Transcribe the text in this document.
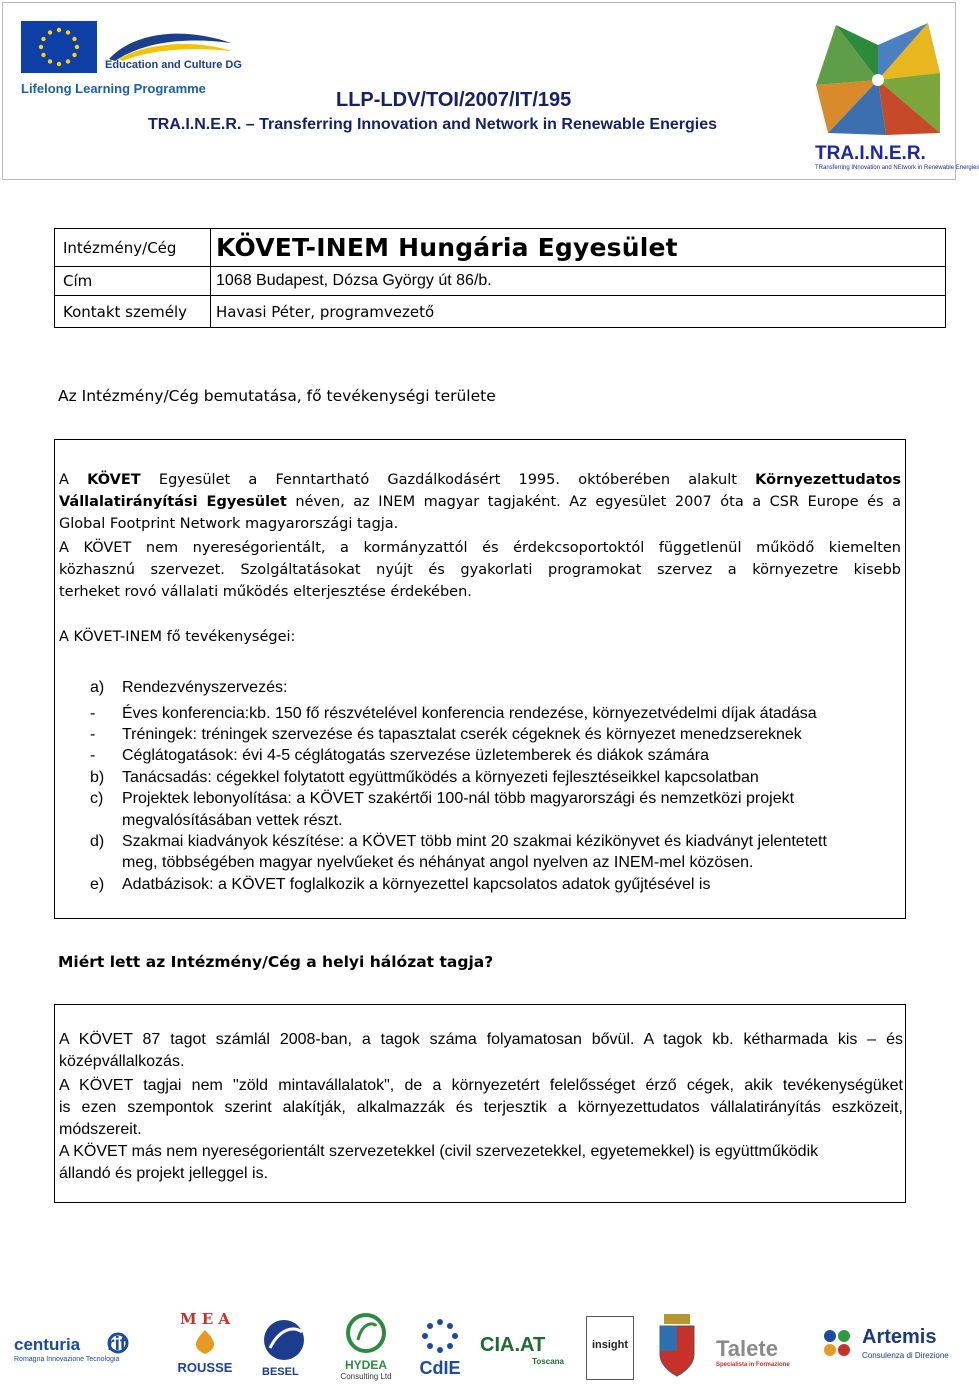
Education and Culture DG
Lifelong Learning Programme
LLP-LDV/TOI/2007/IT/195
TRA.I.N.E.R. – Transferring Innovation and Network in Renewable Energies
TRA.I.N.E.R.
TRansferring INnovation and NEtwork in Renewable Energies
Intézmény/Cég	KÖVET-INEM Hungária Egyesület
Cím	1068 Budapest, Dózsa György út 86/b.
Kontakt személy	Havasi Péter, programvezető
Az Intézmény/Cég bemutatása, fő tevékenységi területe
A KÖVET Egyesület a Fenntartható Gazdálkodásért 1995. októberében alakult Környezettudatos
Vállalatirányítási Egyesület néven, az INEM magyar tagjaként. Az egyesület 2007 óta a CSR Europe és a
Global Footprint Network magyarországi tagja.
A KÖVET nem nyereségorientált, a kormányzattól és érdekcsoportoktól függetlenül működő kiemelten
közhasznú szervezet. Szolgáltatásokat nyújt és gyakorlati programokat szervez a környezetre kisebb
terheket rovó vállalati működés elterjesztése érdekében.
A KÖVET-INEM fő tevékenységei:
a) Rendezvényszervezés:
- Éves konferencia:kb. 150 fő részvételével konferencia rendezése, környezetvédelmi díjak átadása
- Tréningek: tréningek szervezése és tapasztalat cserék cégeknek és környezet menedzsereknek
- Céglátogatások: évi 4-5 céglátogatás szervezése üzletemberek és diákok számára
b) Tanácsadás: cégekkel folytatott együttműködés a környezeti fejlesztéseikkel kapcsolatban
c) Projektek lebonyolítása: a KÖVET szakértői 100-nál több magyarországi és nemzetközi projekt
megvalósításában vettek részt.
d) Szakmai kiadványok készítése: a KÖVET több mint 20 szakmai kézikönyvet és kiadványt jelentetett
meg, többségében magyar nyelvűeket és néhányat angol nyelven az INEM-mel közösen.
e) Adatbázisok: a KÖVET foglalkozik a környezettel kapcsolatos adatok gyűjtésével is
Miért lett az Intézmény/Cég a helyi hálózat tagja?
A KÖVET 87 tagot számlál 2008-ban, a tagok száma folyamatosan bővül. A tagok kb. kétharmada kis – és
középvállalkozás.
A KÖVET tagjai nem "zöld mintavállalatok", de a környezetért felelősséget érző cégek, akik tevékenységüket
is ezen szempontok szerint alakítják, alkalmazzák és terjesztik a környezettudatos vállalatirányítás eszközeit,
módszereit.
A KÖVET más nem nyereségorientált szervezetekkel (civil szervezetekkel, egyetemekkel) is együttműködik
állandó és projekt jelleggel is.
centuria rit
Romagna Innovazione Tecnologia
M E A
ROUSSE	BESEL	HYDEA
Consulting Ltd	CdIE
CIA.AT
Toscana
insight	Talete
Specialista in Formazione
Artemis
Consulenza di Direzione
